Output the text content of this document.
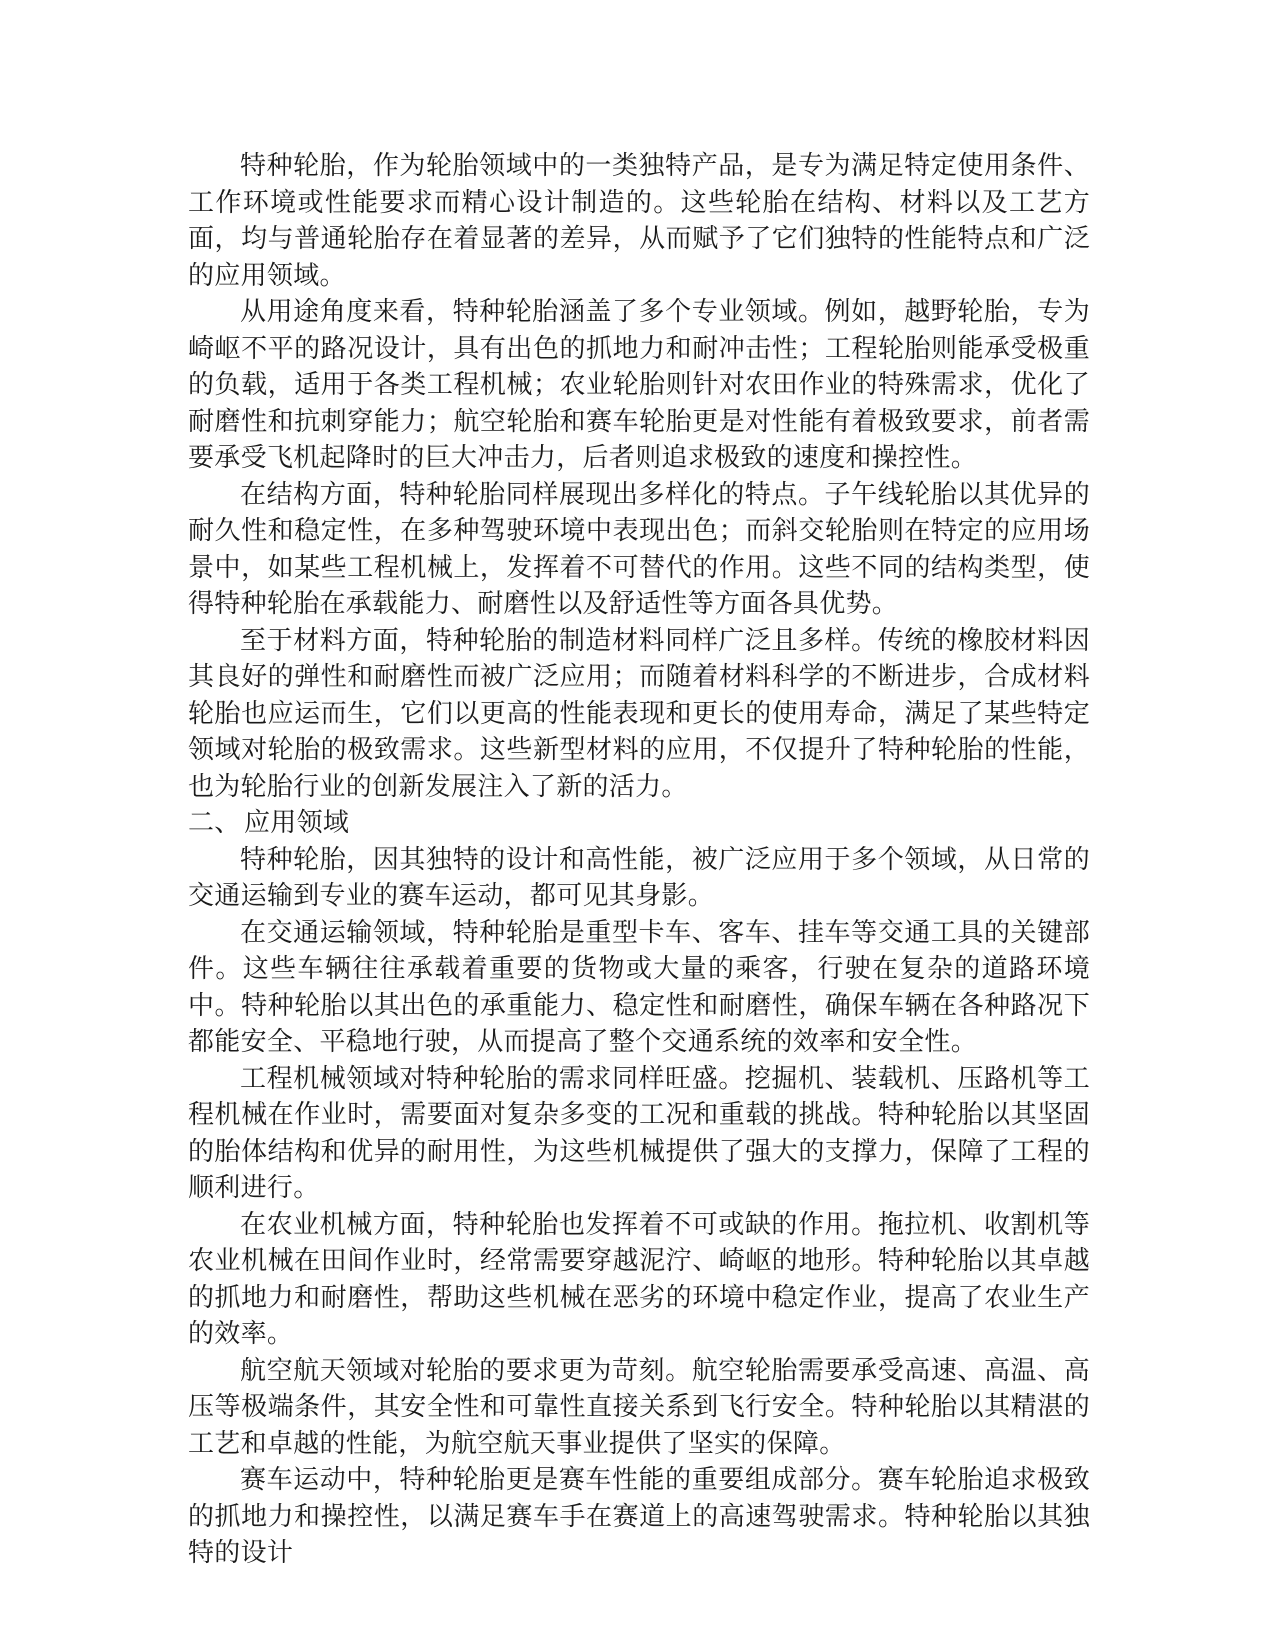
特种轮胎，作为轮胎领域中的一类独特产品，是专为满足特定使用条件、工作环境或性能要求而精心设计制造的。这些轮胎在结构、材料以及工艺方面，均与普通轮胎存在着显著的差异，从而赋予了它们独特的性能特点和广泛的应用领域。

从用途角度来看，特种轮胎涵盖了多个专业领域。例如，越野轮胎，专为崎岖不平的路况设计，具有出色的抓地力和耐冲击性；工程轮胎则能承受极重的负载，适用于各类工程机械；农业轮胎则针对农田作业的特殊需求，优化了耐磨性和抗刺穿能力；航空轮胎和赛车轮胎更是对性能有着极致要求，前者需要承受飞机起降时的巨大冲击力，后者则追求极致的速度和操控性。

在结构方面，特种轮胎同样展现出多样化的特点。子午线轮胎以其优异的耐久性和稳定性，在多种驾驶环境中表现出色；而斜交轮胎则在特定的应用场景中，如某些工程机械上，发挥着不可替代的作用。这些不同的结构类型，使得特种轮胎在承载能力、耐磨性以及舒适性等方面各具优势。

至于材料方面，特种轮胎的制造材料同样广泛且多样。传统的橡胶材料因其良好的弹性和耐磨性而被广泛应用；而随着材料科学的不断进步，合成材料轮胎也应运而生，它们以更高的性能表现和更长的使用寿命，满足了某些特定领域对轮胎的极致需求。这些新型材料的应用，不仅提升了特种轮胎的性能，也为轮胎行业的创新发展注入了新的活力。

二、 应用领域

特种轮胎，因其独特的设计和高性能，被广泛应用于多个领域，从日常的交通运输到专业的赛车运动，都可见其身影。

在交通运输领域，特种轮胎是重型卡车、客车、挂车等交通工具的关键部件。这些车辆往往承载着重要的货物或大量的乘客，行驶在复杂的道路环境中。特种轮胎以其出色的承重能力、稳定性和耐磨性，确保车辆在各种路况下都能安全、平稳地行驶，从而提高了整个交通系统的效率和安全性。

工程机械领域对特种轮胎的需求同样旺盛。挖掘机、装载机、压路机等工程机械在作业时，需要面对复杂多变的工况和重载的挑战。特种轮胎以其坚固的胎体结构和优异的耐用性，为这些机械提供了强大的支撑力，保障了工程的顺利进行。

在农业机械方面，特种轮胎也发挥着不可或缺的作用。拖拉机、收割机等农业机械在田间作业时，经常需要穿越泥泞、崎岖的地形。特种轮胎以其卓越的抓地力和耐磨性，帮助这些机械在恶劣的环境中稳定作业，提高了农业生产的效率。

航空航天领域对轮胎的要求更为苛刻。航空轮胎需要承受高速、高温、高压等极端条件，其安全性和可靠性直接关系到飞行安全。特种轮胎以其精湛的工艺和卓越的性能，为航空航天事业提供了坚实的保障。

赛车运动中，特种轮胎更是赛车性能的重要组成部分。赛车轮胎追求极致的抓地力和操控性，以满足赛车手在赛道上的高速驾驶需求。特种轮胎以其独特的设计
